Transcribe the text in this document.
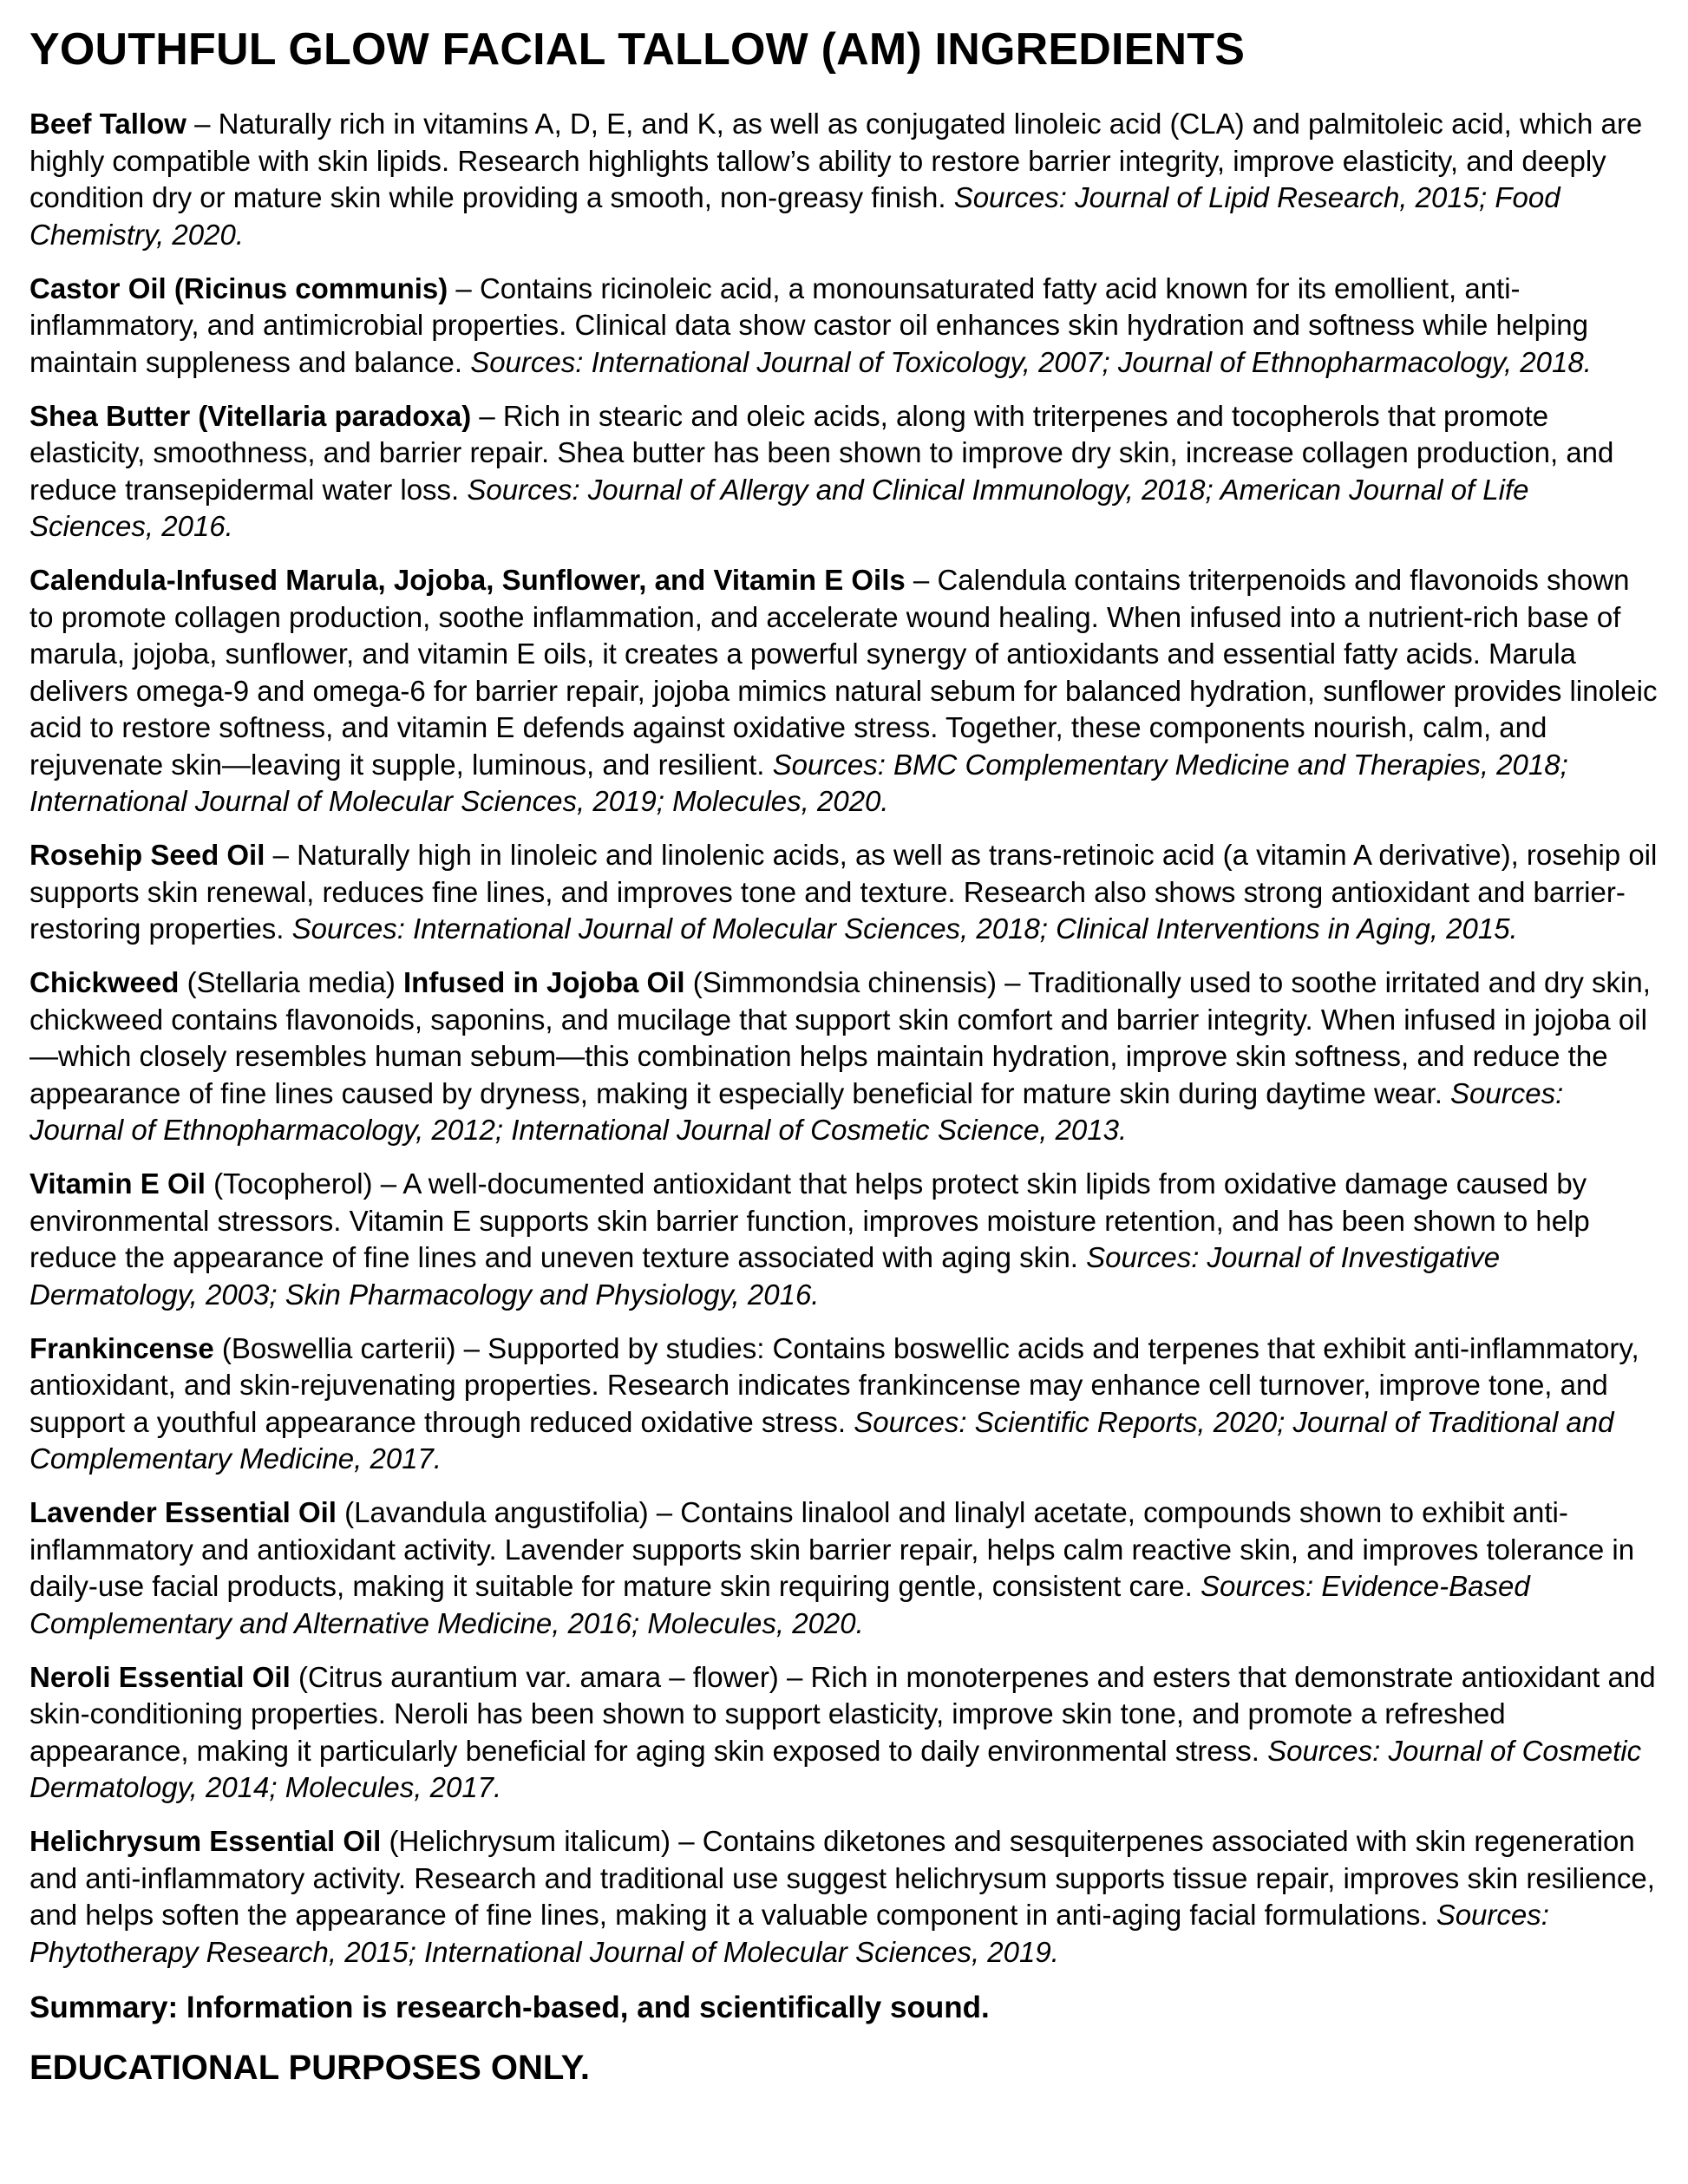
YOUTHFUL GLOW FACIAL TALLOW (AM) INGREDIENTS

Beef Tallow – Naturally rich in vitamins A, D, E, and K, as well as conjugated linoleic acid (CLA) and palmitoleic acid, which are highly compatible with skin lipids. Research highlights tallow’s ability to restore barrier integrity, improve elasticity, and deeply condition dry or mature skin while providing a smooth, non-greasy finish. Sources: Journal of Lipid Research, 2015; Food Chemistry, 2020.

Castor Oil (Ricinus communis) – Contains ricinoleic acid, a monounsaturated fatty acid known for its emollient, anti-inflammatory, and antimicrobial properties. Clinical data show castor oil enhances skin hydration and softness while helping maintain suppleness and balance. Sources: International Journal of Toxicology, 2007; Journal of Ethnopharmacology, 2018.

Shea Butter (Vitellaria paradoxa) – Rich in stearic and oleic acids, along with triterpenes and tocopherols that promote elasticity, smoothness, and barrier repair. Shea butter has been shown to improve dry skin, increase collagen production, and reduce transepidermal water loss. Sources: Journal of Allergy and Clinical Immunology, 2018; American Journal of Life Sciences, 2016.

Calendula-Infused Marula, Jojoba, Sunflower, and Vitamin E Oils – Calendula contains triterpenoids and flavonoids shown to promote collagen production, soothe inflammation, and accelerate wound healing. When infused into a nutrient-rich base of marula, jojoba, sunflower, and vitamin E oils, it creates a powerful synergy of antioxidants and essential fatty acids. Marula delivers omega-9 and omega-6 for barrier repair, jojoba mimics natural sebum for balanced hydration, sunflower provides linoleic acid to restore softness, and vitamin E defends against oxidative stress. Together, these components nourish, calm, and rejuvenate skin—leaving it supple, luminous, and resilient. Sources: BMC Complementary Medicine and Therapies, 2018; International Journal of Molecular Sciences, 2019; Molecules, 2020.

Rosehip Seed Oil – Naturally high in linoleic and linolenic acids, as well as trans-retinoic acid (a vitamin A derivative), rosehip oil supports skin renewal, reduces fine lines, and improves tone and texture. Research also shows strong antioxidant and barrier-restoring properties. Sources: International Journal of Molecular Sciences, 2018; Clinical Interventions in Aging, 2015.

Chickweed (Stellaria media) Infused in Jojoba Oil (Simmondsia chinensis) – Traditionally used to soothe irritated and dry skin, chickweed contains flavonoids, saponins, and mucilage that support skin comfort and barrier integrity. When infused in jojoba oil—which closely resembles human sebum—this combination helps maintain hydration, improve skin softness, and reduce the appearance of fine lines caused by dryness, making it especially beneficial for mature skin during daytime wear. Sources: Journal of Ethnopharmacology, 2012; International Journal of Cosmetic Science, 2013.

Vitamin E Oil (Tocopherol) – A well-documented antioxidant that helps protect skin lipids from oxidative damage caused by environmental stressors. Vitamin E supports skin barrier function, improves moisture retention, and has been shown to help reduce the appearance of fine lines and uneven texture associated with aging skin. Sources: Journal of Investigative Dermatology, 2003; Skin Pharmacology and Physiology, 2016.

Frankincense (Boswellia carterii) – Supported by studies: Contains boswellic acids and terpenes that exhibit anti-inflammatory, antioxidant, and skin-rejuvenating properties. Research indicates frankincense may enhance cell turnover, improve tone, and support a youthful appearance through reduced oxidative stress. Sources: Scientific Reports, 2020; Journal of Traditional and Complementary Medicine, 2017.

Lavender Essential Oil (Lavandula angustifolia) – Contains linalool and linalyl acetate, compounds shown to exhibit anti-inflammatory and antioxidant activity. Lavender supports skin barrier repair, helps calm reactive skin, and improves tolerance in daily-use facial products, making it suitable for mature skin requiring gentle, consistent care. Sources: Evidence-Based Complementary and Alternative Medicine, 2016; Molecules, 2020.

Neroli Essential Oil (Citrus aurantium var. amara – flower) – Rich in monoterpenes and esters that demonstrate antioxidant and skin-conditioning properties. Neroli has been shown to support elasticity, improve skin tone, and promote a refreshed appearance, making it particularly beneficial for aging skin exposed to daily environmental stress. Sources: Journal of Cosmetic Dermatology, 2014; Molecules, 2017.

Helichrysum Essential Oil (Helichrysum italicum) – Contains diketones and sesquiterpenes associated with skin regeneration and anti-inflammatory activity. Research and traditional use suggest helichrysum supports tissue repair, improves skin resilience, and helps soften the appearance of fine lines, making it a valuable component in anti-aging facial formulations. Sources: Phytotherapy Research, 2015; International Journal of Molecular Sciences, 2019.

Summary: Information is research-based, and scientifically sound.

EDUCATIONAL PURPOSES ONLY.
